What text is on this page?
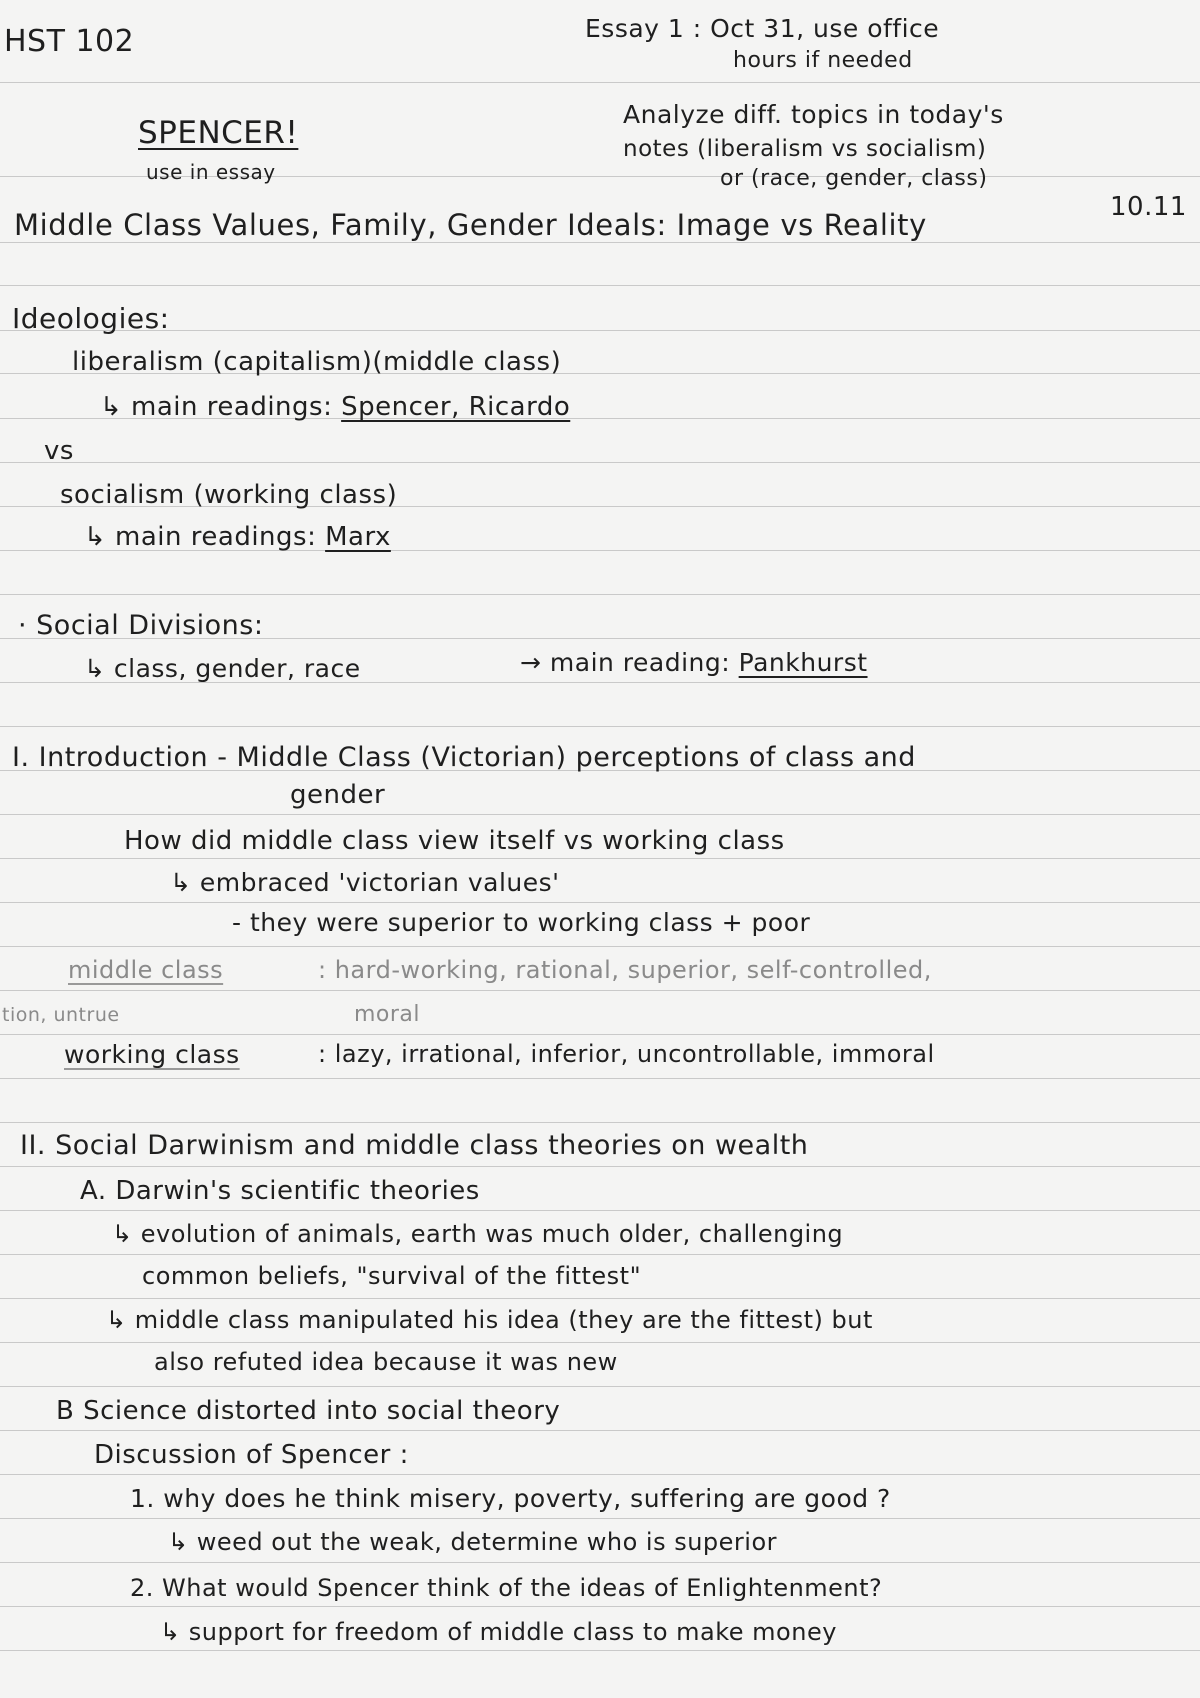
HST 102	Essay 1 : Oct 31, use office
hours if needed
SPENCER!
use in essay
Analyze diff. topics in today's
notes (liberalism vs socialism)
or (race, gender, class)
10.11
Middle Class Values, Family, Gender Ideals: Image vs Reality
Ideologies:
liberalism (capitalism)(middle class)
↳ main readings: Spencer, Ricardo
vs
socialism (working class)
↳ main readings: Marx
· Social Divisions:
↳ class, gender, race	→ main reading: Pankhurst
I. Introduction - Middle Class (Victorian) perceptions of class and
gender
How did middle class view itself vs working class
↳ embraced 'victorian values'
- they were superior to working class + poor
middle class	: hard-working, rational, superior, self-controlled,
tion, untrue	moral
working class	: lazy, irrational, inferior, uncontrollable, immoral
II. Social Darwinism and middle class theories on wealth
A. Darwin's scientific theories
↳ evolution of animals, earth was much older, challenging
common beliefs, "survival of the fittest"
↳ middle class manipulated his idea (they are the fittest) but
also refuted idea because it was new
B Science distorted into social theory
Discussion of Spencer :
1. why does he think misery, poverty, suffering are good ?
↳ weed out the weak, determine who is superior
2. What would Spencer think of the ideas of Enlightenment?
↳ support for freedom of middle class to make money
